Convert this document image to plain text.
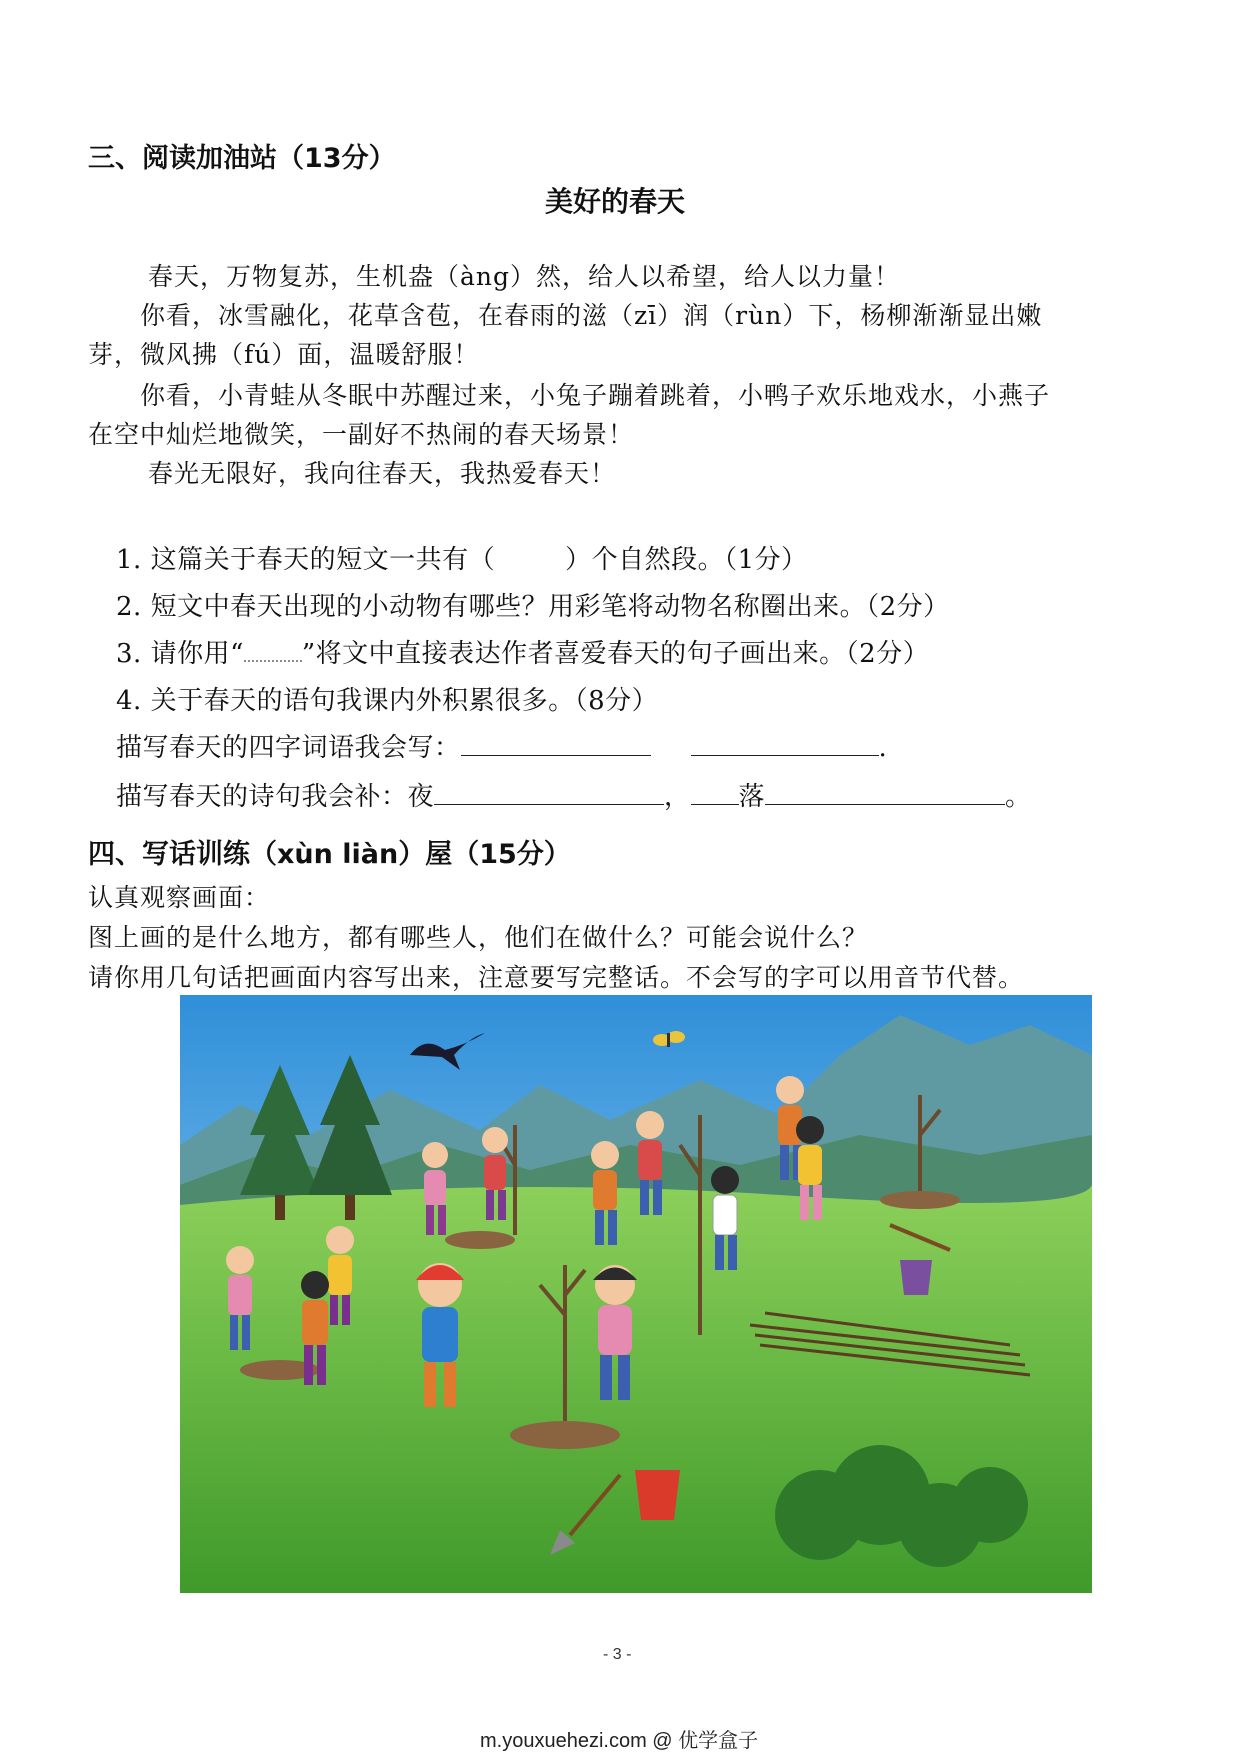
三、阅读加油站（13分）
美好的春天
春天，万物复苏，生机盎（àng）然，给人以希望，给人以力量！
你看，冰雪融化，花草含苞，在春雨的滋（zī）润（rùn）下，杨柳渐渐显出嫩
芽，微风拂（fú）面，温暖舒服！
你看，小青蛙从冬眠中苏醒过来，小兔子蹦着跳着，小鸭子欢乐地戏水，小燕子
在空中灿烂地微笑，一副好不热闹的春天场景！
春光无限好，我向往春天，我热爱春天！
1. 这篇关于春天的短文一共有（	）个自然段。（1分）
2. 短文中春天出现的小动物有哪些？用彩笔将动物名称圈出来。（2分）
3. 请你用“ ”将文中直接表达作者喜爱春天的句子画出来。（2分）
4. 关于春天的语句我课内外积累很多。（8分）
描写春天的四字词语我会写：	.
描写春天的诗句我会补：夜	， 落	。
四、写话训练（xùn liàn）屋（15分）
认真观察画面：
图上画的是什么地方，都有哪些人，他们在做什么？可能会说什么？
请你用几句话把画面内容写出来，注意要写完整话。不会写的字可以用音节代替。
- 3 -
m.youxuehezi.com @ 优学盒子
